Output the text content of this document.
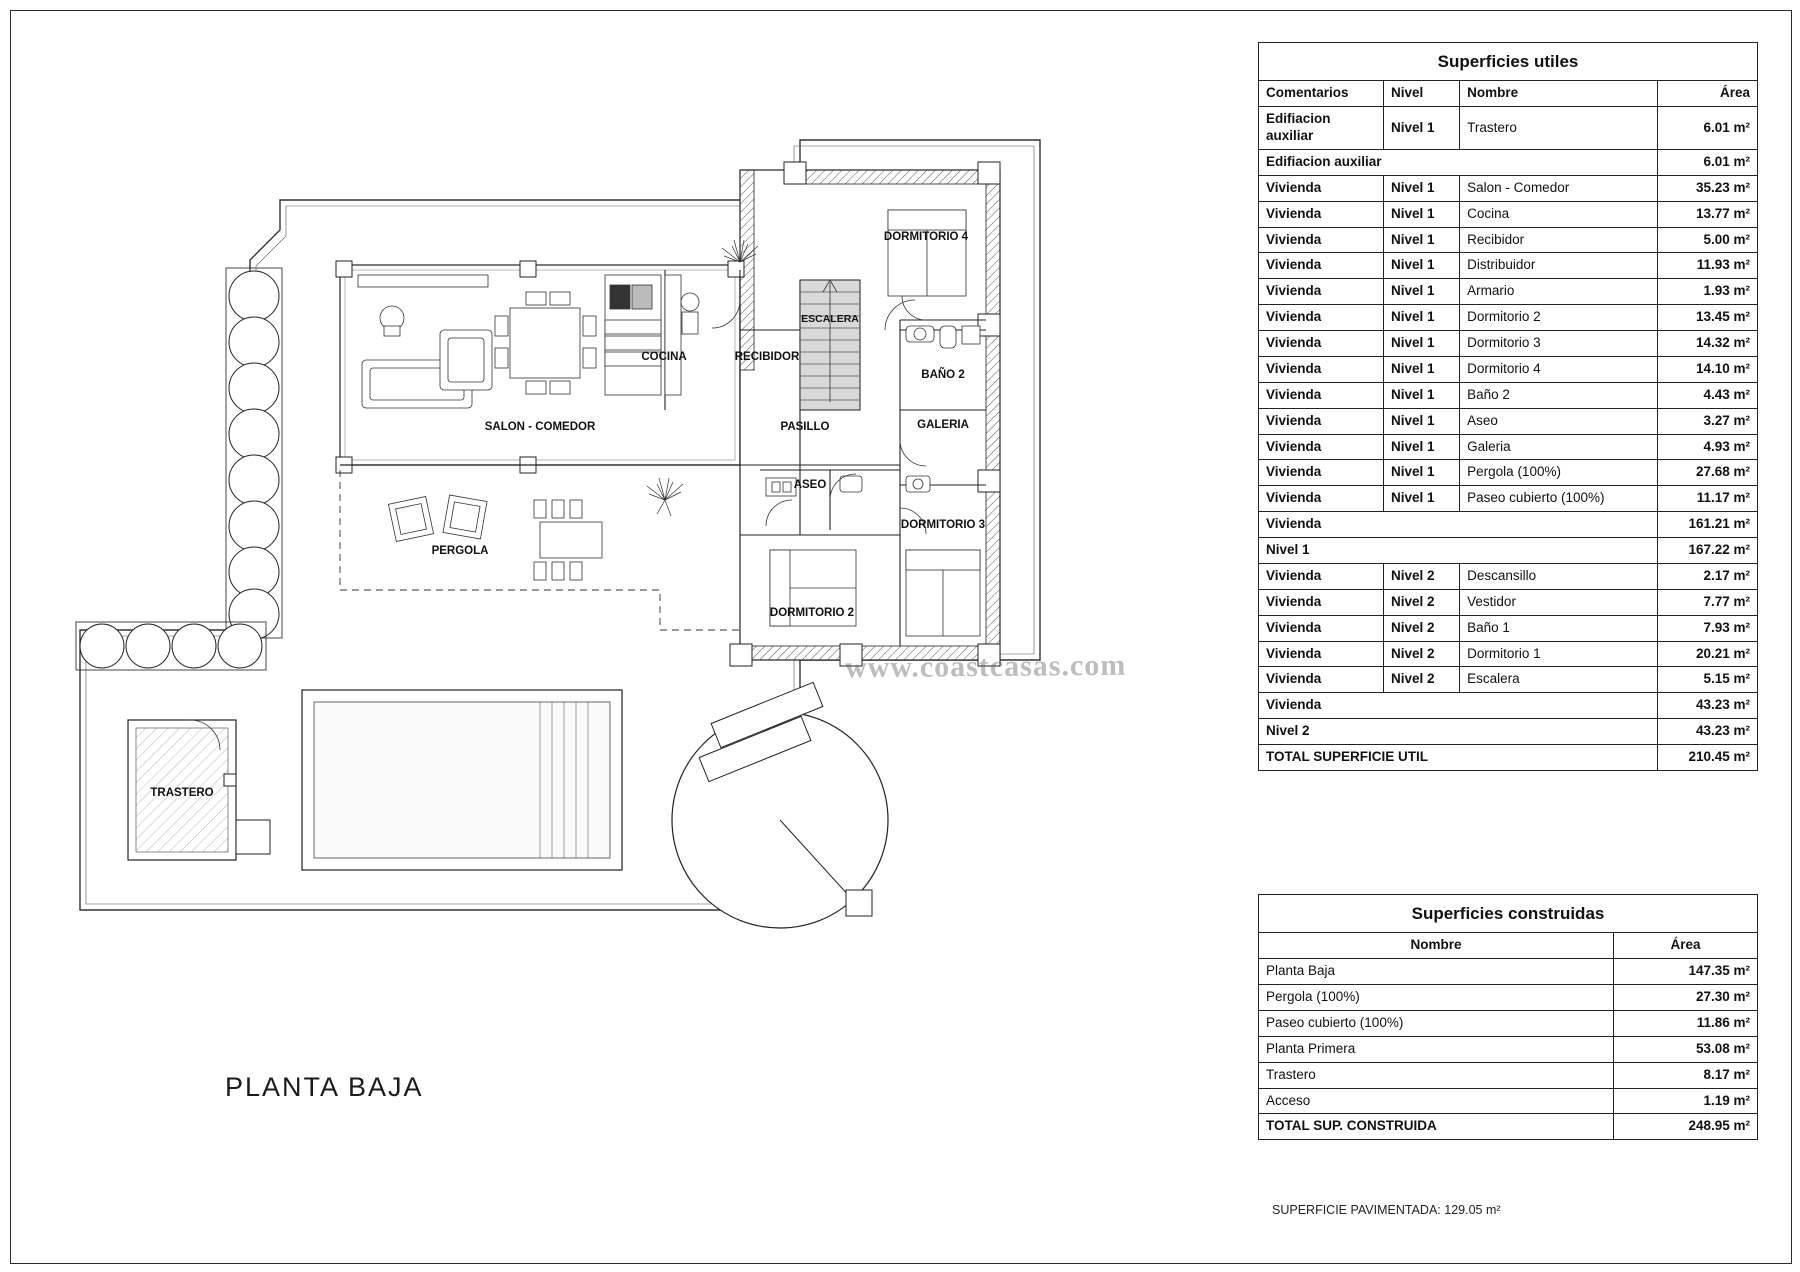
DORMITORIO 4
ESCALERA
BAÑO 2
COCINA	RECIBIDOR
GALERIA
SALON - COMEDOR	PASILLO
ASEO
DORMITORIO 3
PERGOLA
DORMITORIO 2
TRASTERO
www.coastcasas.com
PLANTA BAJA
Superficies utiles			
Comentarios	Nivel	Nombre	Área
Edifiacion auxiliar	Nivel 1	Trastero	6.01 m²
Edifiacion auxiliar			6.01 m²
Vivienda	Nivel 1	Salon - Comedor	35.23 m²
Vivienda	Nivel 1	Cocina	13.77 m²
Vivienda	Nivel 1	Recibidor	5.00 m²
Vivienda	Nivel 1	Distribuidor	11.93 m²
Vivienda	Nivel 1	Armario	1.93 m²
Vivienda	Nivel 1	Dormitorio 2	13.45 m²
Vivienda	Nivel 1	Dormitorio 3	14.32 m²
Vivienda	Nivel 1	Dormitorio 4	14.10 m²
Vivienda	Nivel 1	Baño 2	4.43 m²
Vivienda	Nivel 1	Aseo	3.27 m²
Vivienda	Nivel 1	Galeria	4.93 m²
Vivienda	Nivel 1	Pergola (100%)	27.68 m²
Vivienda	Nivel 1	Paseo cubierto (100%)	11.17 m²
Vivienda			161.21 m²
Nivel 1			167.22 m²
Vivienda	Nivel 2	Descansillo	2.17 m²
Vivienda	Nivel 2	Vestidor	7.77 m²
Vivienda	Nivel 2	Baño 1	7.93 m²
Vivienda	Nivel 2	Dormitorio 1	20.21 m²
Vivienda	Nivel 2	Escalera	5.15 m²
Vivienda			43.23 m²
Nivel 2			43.23 m²
TOTAL SUPERFICIE UTIL			210.45 m²
Superficies construidas	
Nombre	Área
Planta Baja	147.35 m²
Pergola (100%)	27.30 m²
Paseo cubierto (100%)	11.86 m²
Planta Primera	53.08 m²
Trastero	8.17 m²
Acceso	1.19 m²
TOTAL SUP. CONSTRUIDA	248.95 m²
SUPERFICIE PAVIMENTADA: 129.05 m²
